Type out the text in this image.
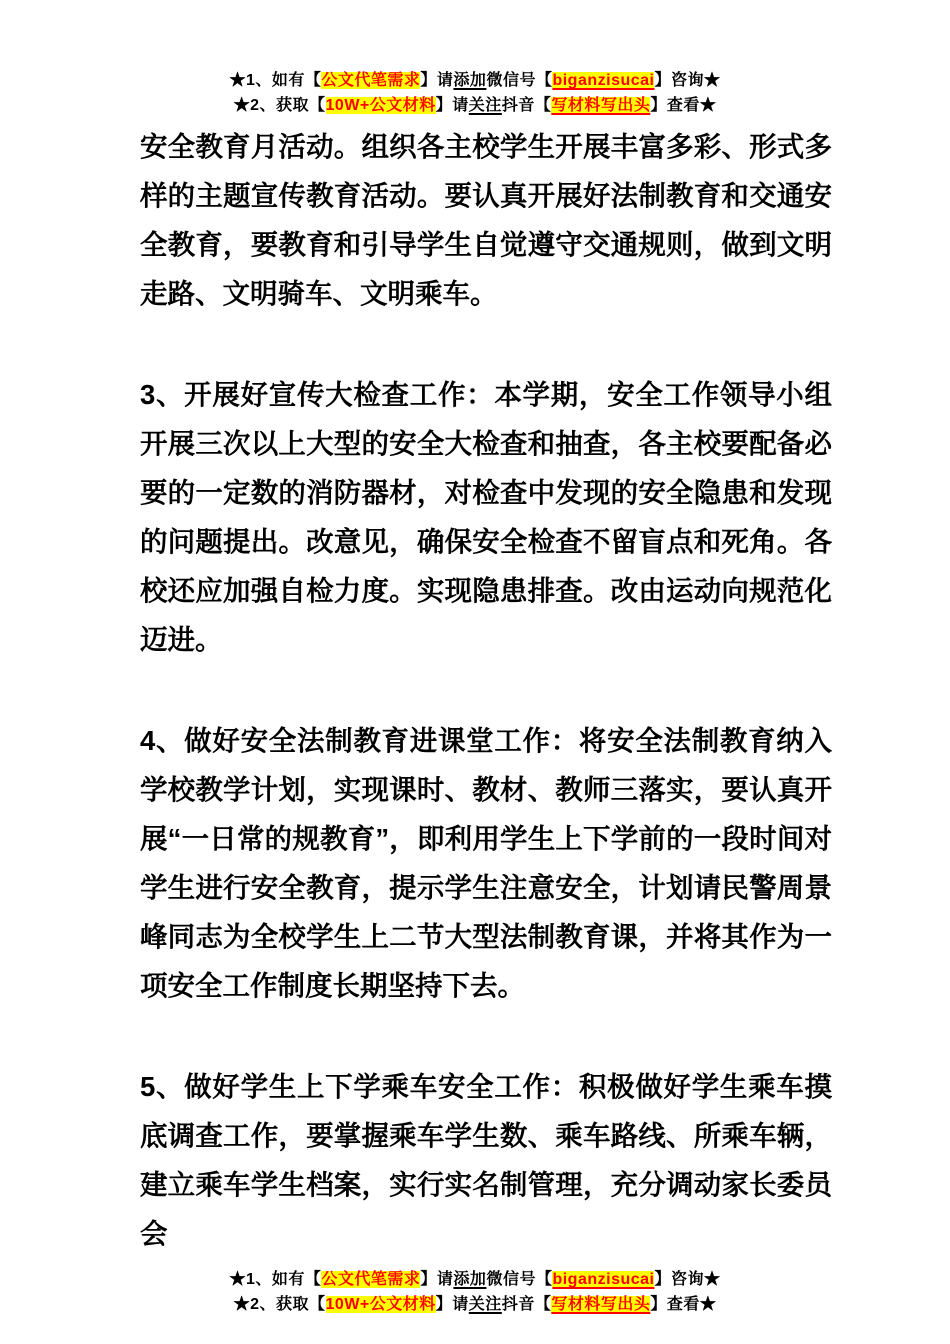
★1、如有【公文代笔需求】请添加微信号【biganzisucai】咨询★
★2、获取【10W+公文材料】请关注抖音【写材料写出头】查看★

安全教育月活动。组织各主校学生开展丰富多彩、形式多样的主题宣传教育活动。要认真开展好法制教育和交通安全教育，要教育和引导学生自觉遵守交通规则，做到文明走路、文明骑车、文明乘车。

3、开展好宣传大检查工作：本学期，安全工作领导小组开展三次以上大型的安全大检查和抽查，各主校要配备必要的一定数的消防器材，对检查中发现的安全隐患和发现的问题提出。改意见，确保安全检查不留盲点和死角。各校还应加强自检力度。实现隐患排查。改由运动向规范化迈进。

4、做好安全法制教育进课堂工作：将安全法制教育纳入学校教学计划，实现课时、教材、教师三落实，要认真开展“一日常的规教育”，即利用学生上下学前的一段时间对学生进行安全教育，提示学生注意安全，计划请民警周景峰同志为全校学生上二节大型法制教育课，并将其作为一项安全工作制度长期坚持下去。

5、做好学生上下学乘车安全工作：积极做好学生乘车摸底调查工作，要掌握乘车学生数、乘车路线、所乘车辆，建立乘车学生档案，实行实名制管理，充分调动家长委员会

★1、如有【公文代笔需求】请添加微信号【biganzisucai】咨询★
★2、获取【10W+公文材料】请关注抖音【写材料写出头】查看★
